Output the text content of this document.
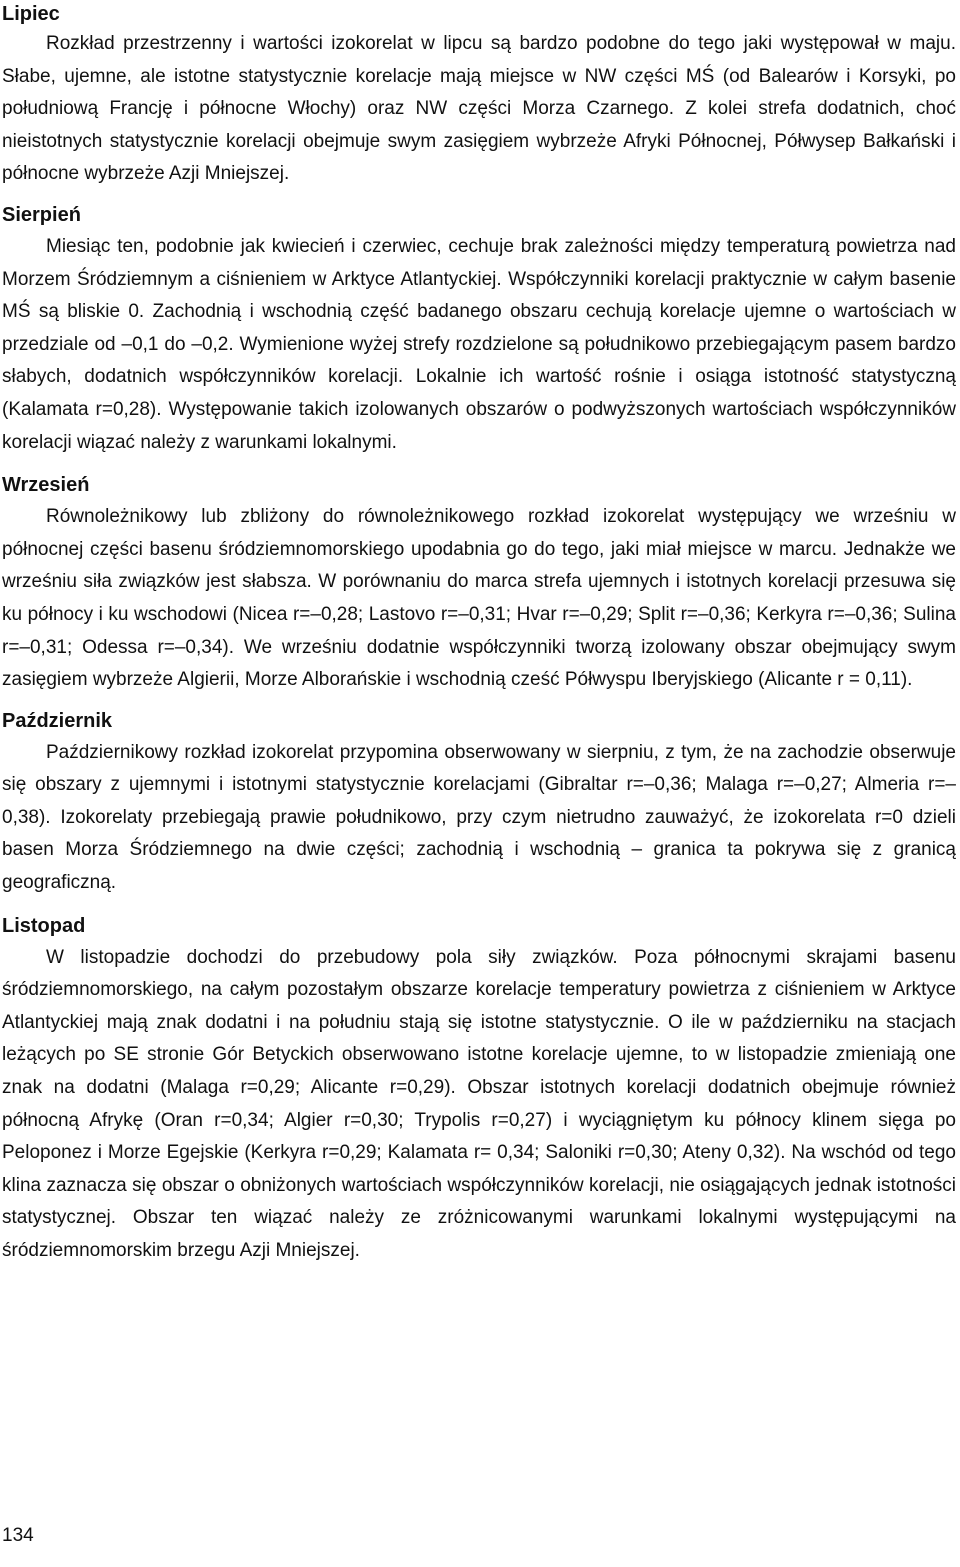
Lipiec

Rozkład przestrzenny i wartości izokorelat w lipcu są bardzo podobne do tego jaki występował w maju. Słabe, ujemne, ale istotne statystycznie korelacje mają miejsce w NW części MŚ (od Balearów i Korsyki, po południową Francję i północne Włochy) oraz NW części Morza Czarnego. Z kolei strefa dodatnich, choć nieistotnych statystycznie korelacji obejmuje swym zasięgiem wybrzeże Afryki Północnej, Półwysep Bałkański i północne wybrzeże Azji Mniejszej.

Sierpień

Miesiąc ten, podobnie jak kwiecień i czerwiec, cechuje brak zależności między temperaturą powietrza nad Morzem Śródziemnym a ciśnieniem w Arktyce Atlantyckiej. Współczynniki korelacji praktycznie w całym basenie MŚ są bliskie 0. Zachodnią i wschodnią część badanego obszaru cechują korelacje ujemne o wartościach w przedziale od –0,1 do –0,2. Wymienione wyżej strefy rozdzielone są południkowo przebiegającym pasem bardzo słabych, dodatnich współczynników korelacji. Lokalnie ich wartość rośnie i osiąga istotność statystyczną (Kalamata r=0,28). Występowanie takich izolowanych obszarów o podwyższonych wartościach współczynników korelacji wiązać należy z warunkami lokalnymi.

Wrzesień

Równoleżnikowy lub zbliżony do równoleżnikowego rozkład izokorelat występujący we wrześniu w północnej części basenu śródziemnomorskiego upodabnia go do tego, jaki miał miejsce w marcu. Jednakże we wrześniu siła związków jest słabsza. W porównaniu do marca strefa ujemnych i istotnych korelacji przesuwa się ku północy i ku wschodowi (Nicea r=–0,28; Lastovo r=–0,31; Hvar r=–0,29; Split r=–0,36; Kerkyra r=–0,36; Sulina r=–0,31; Odessa r=–0,34). We wrześniu dodatnie współczynniki tworzą izolowany obszar obejmujący swym zasięgiem wybrzeże Algierii, Morze Alborańskie i wschodnią cześć Półwyspu Iberyjskiego (Alicante r = 0,11).

Październik

Październikowy rozkład izokorelat przypomina obserwowany w sierpniu, z tym, że na zachodzie obserwuje się obszary z ujemnymi i istotnymi statystycznie korelacjami (Gibraltar r=–0,36; Malaga r=–0,27; Almeria r=–0,38). Izokorelaty przebiegają prawie południkowo, przy czym nietrudno zauważyć, że izokorelata r=0 dzieli basen Morza Śródziemnego na dwie części; zachodnią i wschodnią – granica ta pokrywa się z granicą geograficzną.

Listopad

W listopadzie dochodzi do przebudowy pola siły związków. Poza północnymi skrajami basenu śródziemnomorskiego, na całym pozostałym obszarze korelacje temperatury powietrza z ciśnieniem w Arktyce Atlantyckiej mają znak dodatni i na południu stają się istotne statystycznie. O ile w październiku na stacjach leżących po SE stronie Gór Betyckich obserwowano istotne korelacje ujemne, to w listopadzie zmieniają one znak na dodatni (Malaga r=0,29; Alicante r=0,29). Obszar istotnych korelacji dodatnich obejmuje również północną Afrykę (Oran r=0,34; Algier r=0,30; Trypolis r=0,27) i wyciągniętym ku północy klinem sięga po Peloponez i Morze Egejskie (Kerkyra r=0,29; Kalamata r= 0,34; Saloniki r=0,30; Ateny 0,32). Na wschód od tego klina zaznacza się obszar o obniżonych wartościach współczynników korelacji, nie osiągających jednak istotności statystycznej. Obszar ten wiązać należy ze zróżnicowanymi warunkami lokalnymi występującymi na śródziemnomorskim brzegu Azji Mniejszej.

134
